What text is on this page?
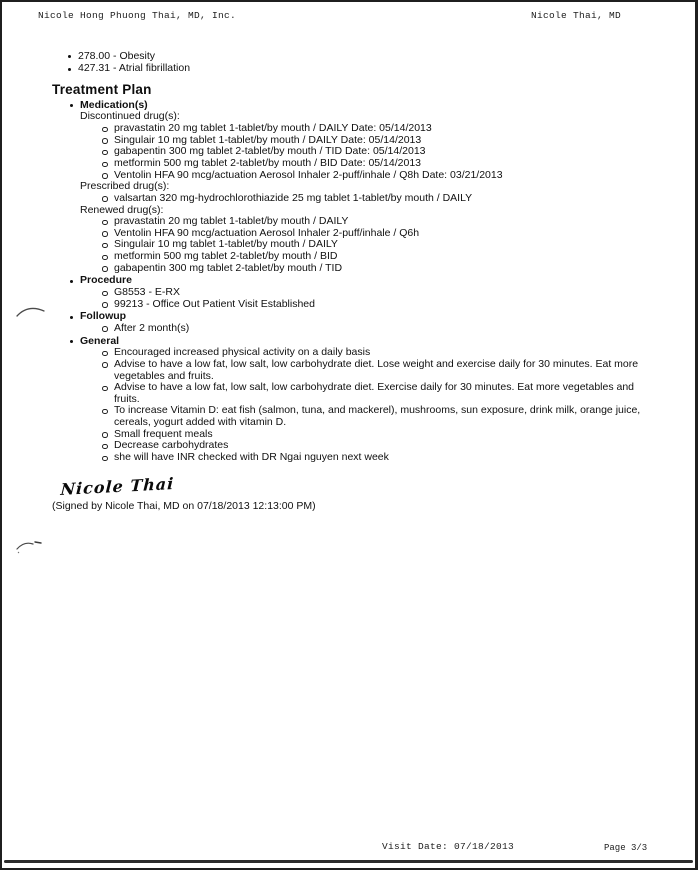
Nicole Hong Phuong Thai, MD, Inc.	Nicole Thai, MD
278.00 - Obesity
427.31 - Atrial fibrillation
Treatment Plan
Medication(s)
Discontinued drug(s):
pravastatin 20 mg tablet 1-tablet/by mouth / DAILY Date: 05/14/2013
Singulair 10 mg tablet 1-tablet/by mouth / DAILY Date: 05/14/2013
gabapentin 300 mg tablet 2-tablet/by mouth / TID Date: 05/14/2013
metformin 500 mg tablet 2-tablet/by mouth / BID Date: 05/14/2013
Ventolin HFA 90 mcg/actuation Aerosol Inhaler 2-puff/inhale / Q8h Date: 03/21/2013
Prescribed drug(s):
valsartan 320 mg-hydrochlorothiazide 25 mg tablet 1-tablet/by mouth / DAILY
Renewed drug(s):
pravastatin 20 mg tablet 1-tablet/by mouth / DAILY
Ventolin HFA 90 mcg/actuation Aerosol Inhaler 2-puff/inhale / Q6h
Singulair 10 mg tablet 1-tablet/by mouth / DAILY
metformin 500 mg tablet 2-tablet/by mouth / BID
gabapentin 300 mg tablet 2-tablet/by mouth / TID
Procedure
G8553 - E-RX
99213 - Office Out Patient Visit Established
Followup
After 2 month(s)
General
Encouraged increased physical activity on a daily basis
Advise to have a low fat, low salt, low carbohydrate diet. Lose weight and exercise daily for 30 minutes. Eat more vegetables and fruits.
Advise to have a low fat, low salt, low carbohydrate diet. Exercise daily for 30 minutes. Eat more vegetables and fruits.
To increase Vitamin D: eat fish (salmon, tuna, and mackerel), mushrooms, sun exposure, drink milk, orange juice, cereals, yogurt added with vitamin D.
Small frequent meals
Decrease carbohydrates
she will have INR checked with DR Ngai nguyen next week
Nicole Thai
(Signed by Nicole Thai, MD on 07/18/2013 12:13:00 PM)
Visit Date: 07/18/2013	Page 3/3
